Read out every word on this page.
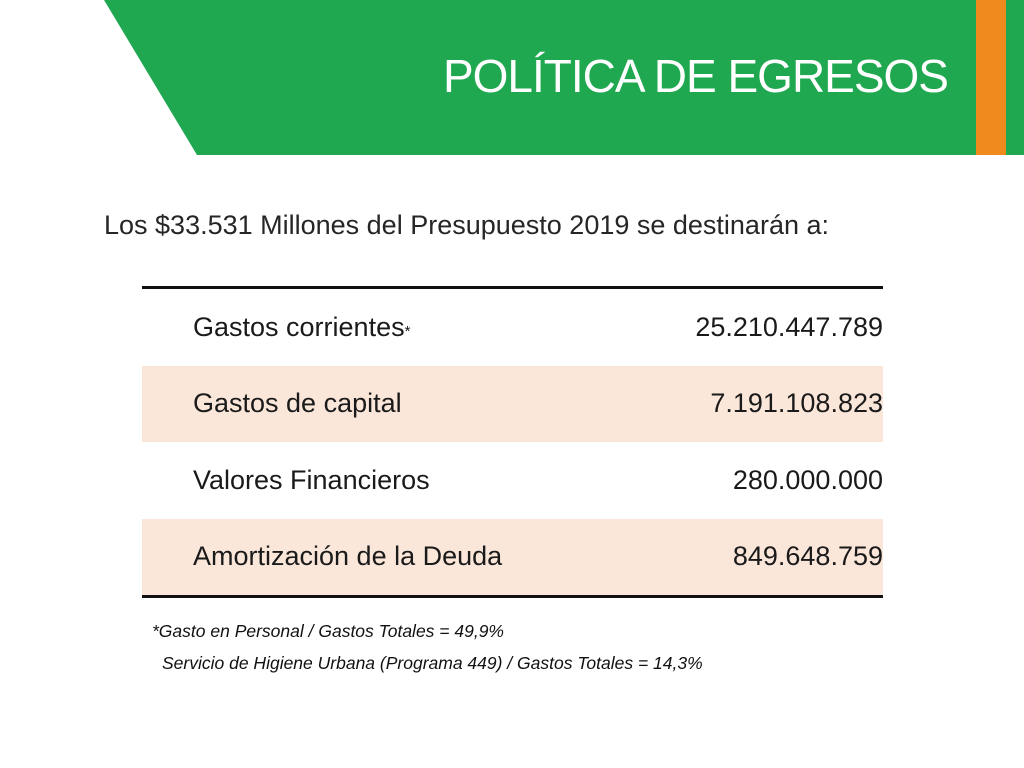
POLÍTICA DE EGRESOS

Los $33.531 Millones del Presupuesto 2019 se destinarán a:

Gastos corrientes*	25.210.447.789
Gastos de capital	7.191.108.823
Valores Financieros	280.000.000
Amortización de la Deuda	849.648.759

*Gasto en Personal / Gastos Totales = 49,9%

Servicio de Higiene Urbana (Programa 449) / Gastos Totales = 14,3%
